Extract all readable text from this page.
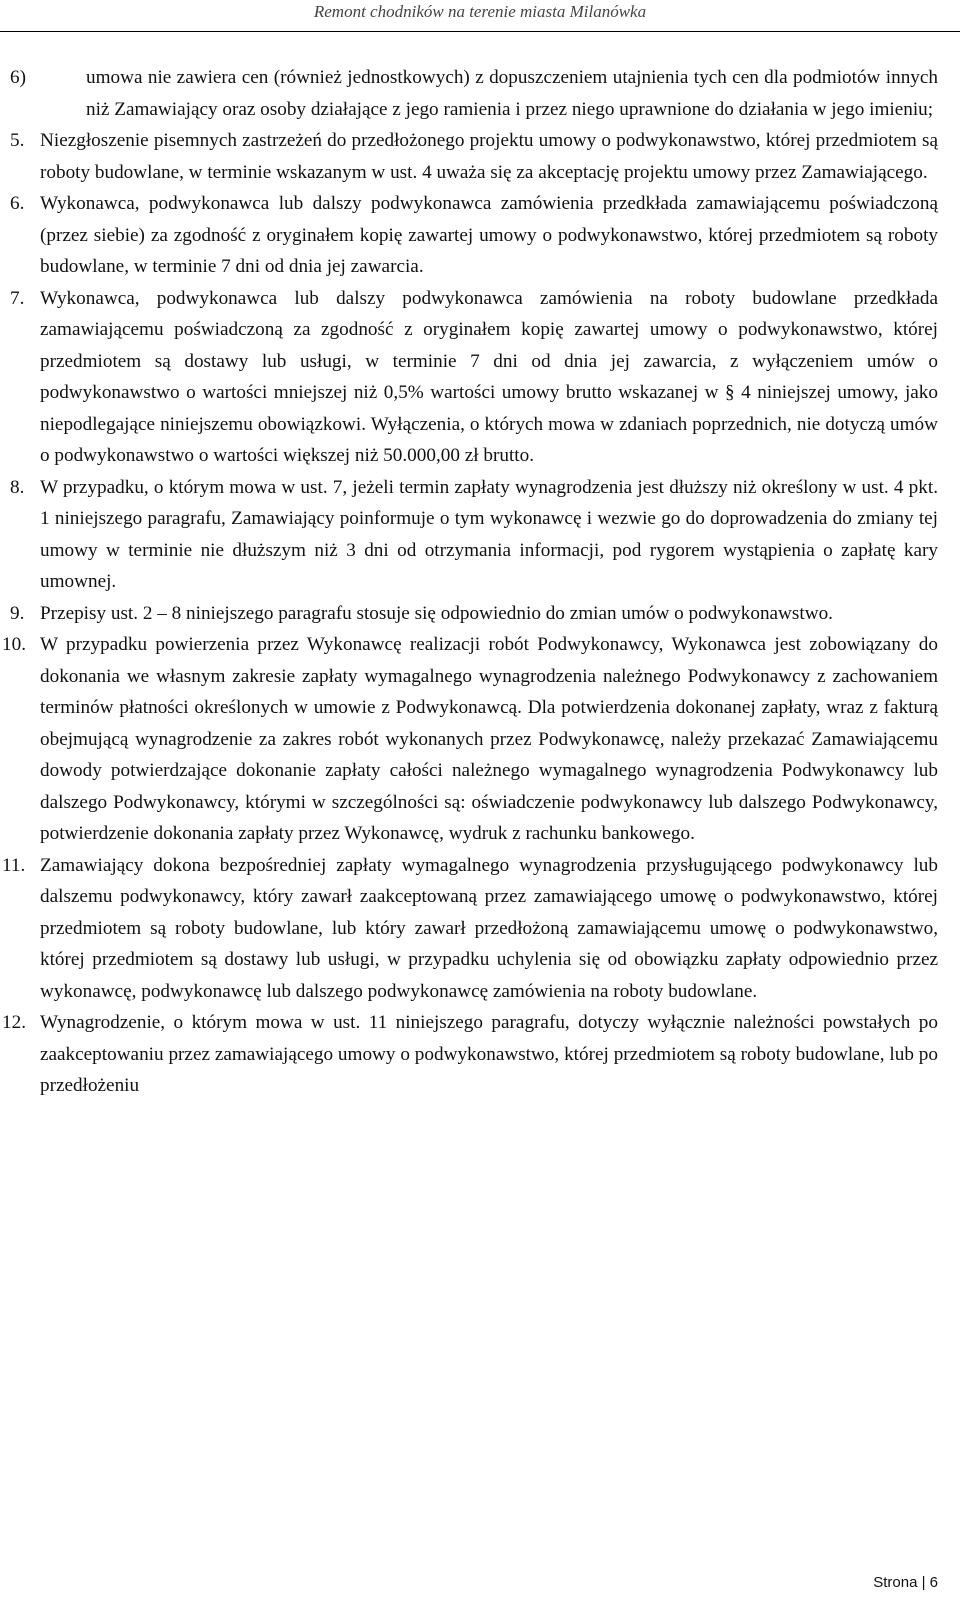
Remont chodników na terenie miasta Milanówka
6)	umowa nie zawiera cen (również jednostkowych) z dopuszczeniem utajnienia tych cen dla podmiotów innych niż Zamawiający oraz osoby działające z jego ramienia i przez niego uprawnione do działania w jego imieniu;
5. Niezgłoszenie pisemnych zastrzeżeń do przedłożonego projektu umowy o podwykonawstwo, której przedmiotem są roboty budowlane, w terminie wskazanym w ust. 4 uważa się za akceptację projektu umowy przez Zamawiającego.
6. Wykonawca, podwykonawca lub dalszy podwykonawca zamówienia przedkłada zamawiającemu poświadczoną (przez siebie) za zgodność z oryginałem kopię zawartej umowy o podwykonawstwo, której przedmiotem są roboty budowlane, w terminie 7 dni od dnia jej zawarcia.
7. Wykonawca, podwykonawca lub dalszy podwykonawca zamówienia na roboty budowlane przedkłada zamawiającemu poświadczoną za zgodność z oryginałem kopię zawartej umowy o podwykonawstwo, której przedmiotem są dostawy lub usługi, w terminie 7 dni od dnia jej zawarcia, z wyłączeniem umów o podwykonawstwo o wartości mniejszej niż 0,5% wartości umowy brutto wskazanej w § 4 niniejszej umowy, jako niepodlegające niniejszemu obowiązkowi. Wyłączenia, o których mowa w zdaniach poprzednich, nie dotyczą umów o podwykonawstwo o wartości większej niż 50.000,00 zł brutto.
8. W przypadku, o którym mowa w ust. 7, jeżeli termin zapłaty wynagrodzenia jest dłuższy niż określony w ust. 4 pkt. 1 niniejszego paragrafu, Zamawiający poinformuje o tym wykonawcę i wezwie go do doprowadzenia do zmiany tej umowy w terminie nie dłuższym niż 3 dni od otrzymania informacji, pod rygorem wystąpienia o zapłatę kary umownej.
9. Przepisy ust. 2 – 8 niniejszego paragrafu stosuje się odpowiednio do zmian umów o podwykonawstwo.
10. W przypadku powierzenia przez Wykonawcę realizacji robót Podwykonawcy, Wykonawca jest zobowiązany do dokonania we własnym zakresie zapłaty wymagalnego wynagrodzenia należnego Podwykonawcy z zachowaniem terminów płatności określonych w umowie z Podwykonawcą. Dla potwierdzenia dokonanej zapłaty, wraz z fakturą obejmującą wynagrodzenie za zakres robót wykonanych przez Podwykonawcę, należy przekazać Zamawiającemu dowody potwierdzające dokonanie zapłaty całości należnego wymagalnego wynagrodzenia Podwykonawcy lub dalszego Podwykonawcy, którymi w szczególności są: oświadczenie podwykonawcy lub dalszego Podwykonawcy, potwierdzenie dokonania zapłaty przez Wykonawcę, wydruk z rachunku bankowego.
11. Zamawiający dokona bezpośredniej zapłaty wymagalnego wynagrodzenia przysługującego podwykonawcy lub dalszemu podwykonawcy, który zawarł zaakceptowaną przez zamawiającego umowę o podwykonawstwo, której przedmiotem są roboty budowlane, lub który zawarł przedłożoną zamawiającemu umowę o podwykonawstwo, której przedmiotem są dostawy lub usługi, w przypadku uchylenia się od obowiązku zapłaty odpowiednio przez wykonawcę, podwykonawcę lub dalszego podwykonawcę zamówienia na roboty budowlane.
12. Wynagrodzenie, o którym mowa w ust. 11 niniejszego paragrafu, dotyczy wyłącznie należności powstałych po zaakceptowaniu przez zamawiającego umowy o podwykonawstwo, której przedmiotem są roboty budowlane, lub po przedłożeniu
Strona | 6
